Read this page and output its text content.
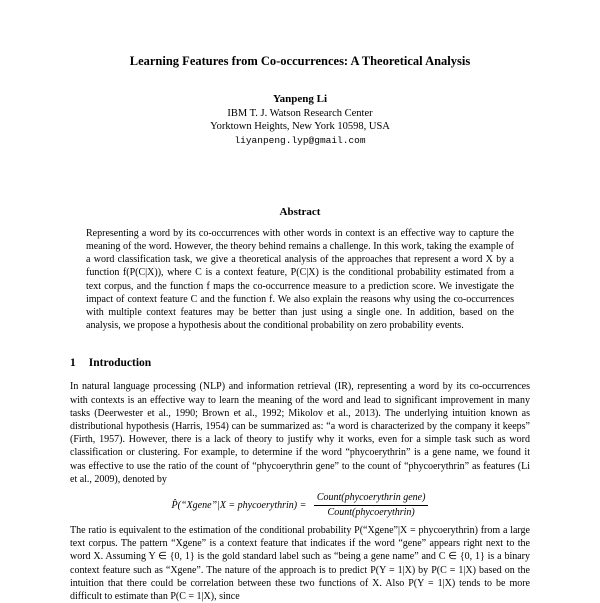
Learning Features from Co-occurrences: A Theoretical Analysis
Yanpeng Li
IBM T. J. Watson Research Center
Yorktown Heights, New York 10598, USA
liyanpeng.lyp@gmail.com
Abstract

Representing a word by its co-occurrences with other words in context is an effective way to capture the meaning of the word. However, the theory behind remains a challenge. In this work, taking the example of a word classification task, we give a theoretical analysis of the approaches that represent a word X by a function f(P(C|X)), where C is a context feature, P(C|X) is the conditional probability estimated from a text corpus, and the function f maps the co-occurrence measure to a prediction score. We investigate the impact of context feature C and the function f. We also explain the reasons why using the co-occurrences with multiple context features may be better than just using a single one. In addition, based on the analysis, we propose a hypothesis about the conditional probability on zero probability events.

1 Introduction

In natural language processing (NLP) and information retrieval (IR), representing a word by its co-occurrences with contexts is an effective way to learn the meaning of the word and lead to significant improvement in many tasks (Deerwester et al., 1990; Brown et al., 1992; Mikolov et al., 2013). The underlying intuition known as distributional hypothesis (Harris, 1954) can be summarized as: “a word is characterized by the company it keeps” (Firth, 1957). However, there is a lack of theory to justify why it works, even for a simple task such as word classification or clustering. For example, to determine if the word “phycoerythrin” is a gene name, we found it was effective to use the ratio of the count of “phycoerythrin gene” to the count of “phycoerythrin” as features (Li et al., 2009), denoted by

P̂(“Xgene”|X = phycoerythrin) = $\frac{\text{Count(phycoerythrin gene)}}{\text{Count(phycoerythrin)}}$

The ratio is equivalent to the estimation of the conditional probability P(“Xgene”|X = phycoerythrin) from a large text corpus. The pattern “Xgene” is a context feature that indicates if the word “gene” appears right next to the word X. Assuming Y ∈ {0, 1} is the gold standard label such as “being a gene name” and C ∈ {0, 1} is a binary context feature such as “Xgene”. The nature of the approach is to predict P(Y = 1|X) by P(C = 1|X) based on the intuition that there could be correlation between these two functions of X. Also P(Y = 1|X) tends to be more difficult to estimate than P(C = 1|X), since
